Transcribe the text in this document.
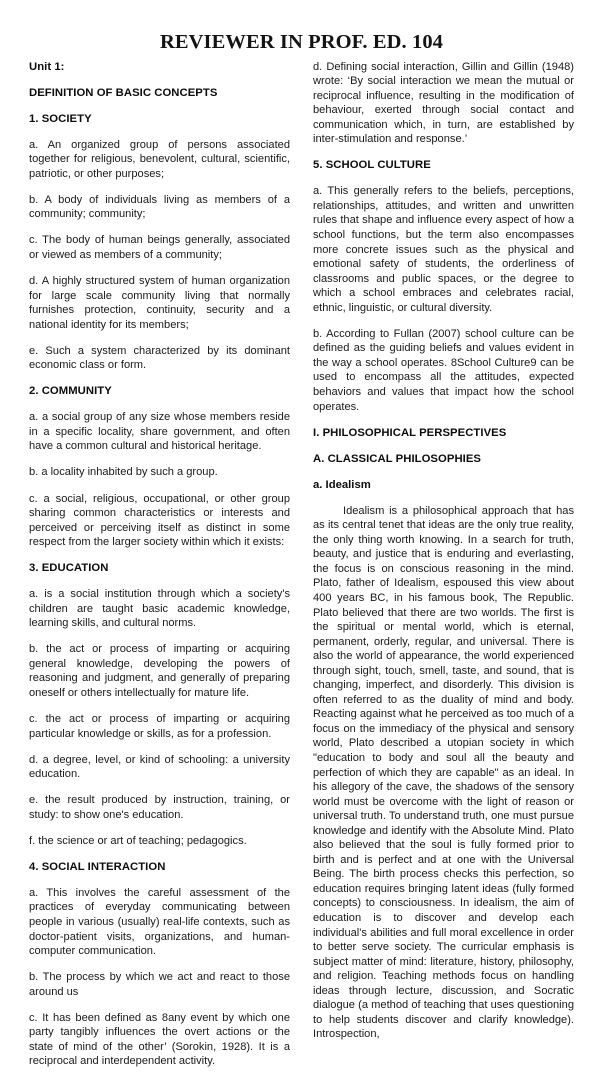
REVIEWER IN PROF. ED. 104

Unit 1:

DEFINITION OF BASIC CONCEPTS

1. SOCIETY

a. An organized group of persons associated together for religious, benevolent, cultural, scientific, patriotic, or other purposes;

b. A body of individuals living as members of a community; community;

c. The body of human beings generally, associated or viewed as members of a community;

d. A highly structured system of human organization for large scale community living that normally furnishes protection, continuity, security and a national identity for its members;

e. Such a system characterized by its dominant economic class or form.

2. COMMUNITY

a. a social group of any size whose members reside in a specific locality, share government, and often have a common cultural and historical heritage.

b. a locality inhabited by such a group.

c. a social, religious, occupational, or other group sharing common characteristics or interests and perceived or perceiving itself as distinct in some respect from the larger society within which it exists:

3. EDUCATION

a. is a social institution through which a society's children are taught basic academic knowledge, learning skills, and cultural norms.

b. the act or process of imparting or acquiring general knowledge, developing the powers of reasoning and judgment, and generally of preparing oneself or others intellectually for mature life.

c. the act or process of imparting or acquiring particular knowledge or skills, as for a profession.

d. a degree, level, or kind of schooling: a university education.

e. the result produced by instruction, training, or study: to show one's education.

f. the science or art of teaching; pedagogics.

4. SOCIAL INTERACTION

a. This involves the careful assessment of the practices of everyday communicating between people in various (usually) real-life contexts, such as doctor-patient visits, organizations, and human-computer communication.

b. The process by which we act and react to those around us

c. It has been defined as 8any event by which one party tangibly influences the overt actions or the state of mind of the other’ (Sorokin, 1928). It is a reciprocal and interdependent activity.

d. Defining social interaction, Gillin and Gillin (1948) wrote: ‘By social interaction we mean the mutual or reciprocal influence, resulting in the modification of behaviour, exerted through social contact and communication which, in turn, are established by inter-stimulation and response.’

5. SCHOOL CULTURE

a. This generally refers to the beliefs, perceptions, relationships, attitudes, and written and unwritten rules that shape and influence every aspect of how a school functions, but the term also encompasses more concrete issues such as the physical and emotional safety of students, the orderliness of classrooms and public spaces, or the degree to which a school embraces and celebrates racial, ethnic, linguistic, or cultural diversity.

b. According to Fullan (2007) school culture can be defined as the guiding beliefs and values evident in the way a school operates. 8School Culture9 can be used to encompass all the attitudes, expected behaviors and values that impact how the school operates.

I. PHILOSOPHICAL PERSPECTIVES

A. CLASSICAL PHILOSOPHIES

a. Idealism

Idealism is a philosophical approach that has as its central tenet that ideas are the only true reality, the only thing worth knowing. In a search for truth, beauty, and justice that is enduring and everlasting, the focus is on conscious reasoning in the mind. Plato, father of Idealism, espoused this view about 400 years BC, in his famous book, The Republic. Plato believed that there are two worlds. The first is the spiritual or mental world, which is eternal, permanent, orderly, regular, and universal. There is also the world of appearance, the world experienced through sight, touch, smell, taste, and sound, that is changing, imperfect, and disorderly. This division is often referred to as the duality of mind and body. Reacting against what he perceived as too much of a focus on the immediacy of the physical and sensory world, Plato described a utopian society in which "education to body and soul all the beauty and perfection of which they are capable" as an ideal. In his allegory of the cave, the shadows of the sensory world must be overcome with the light of reason or universal truth. To understand truth, one must pursue knowledge and identify with the Absolute Mind. Plato also believed that the soul is fully formed prior to birth and is perfect and at one with the Universal Being. The birth process checks this perfection, so education requires bringing latent ideas (fully formed concepts) to consciousness. In idealism, the aim of education is to discover and develop each individual's abilities and full moral excellence in order to better serve society. The curricular emphasis is subject matter of mind: literature, history, philosophy, and religion. Teaching methods focus on handling ideas through lecture, discussion, and Socratic dialogue (a method of teaching that uses questioning to help students discover and clarify knowledge). Introspection,
